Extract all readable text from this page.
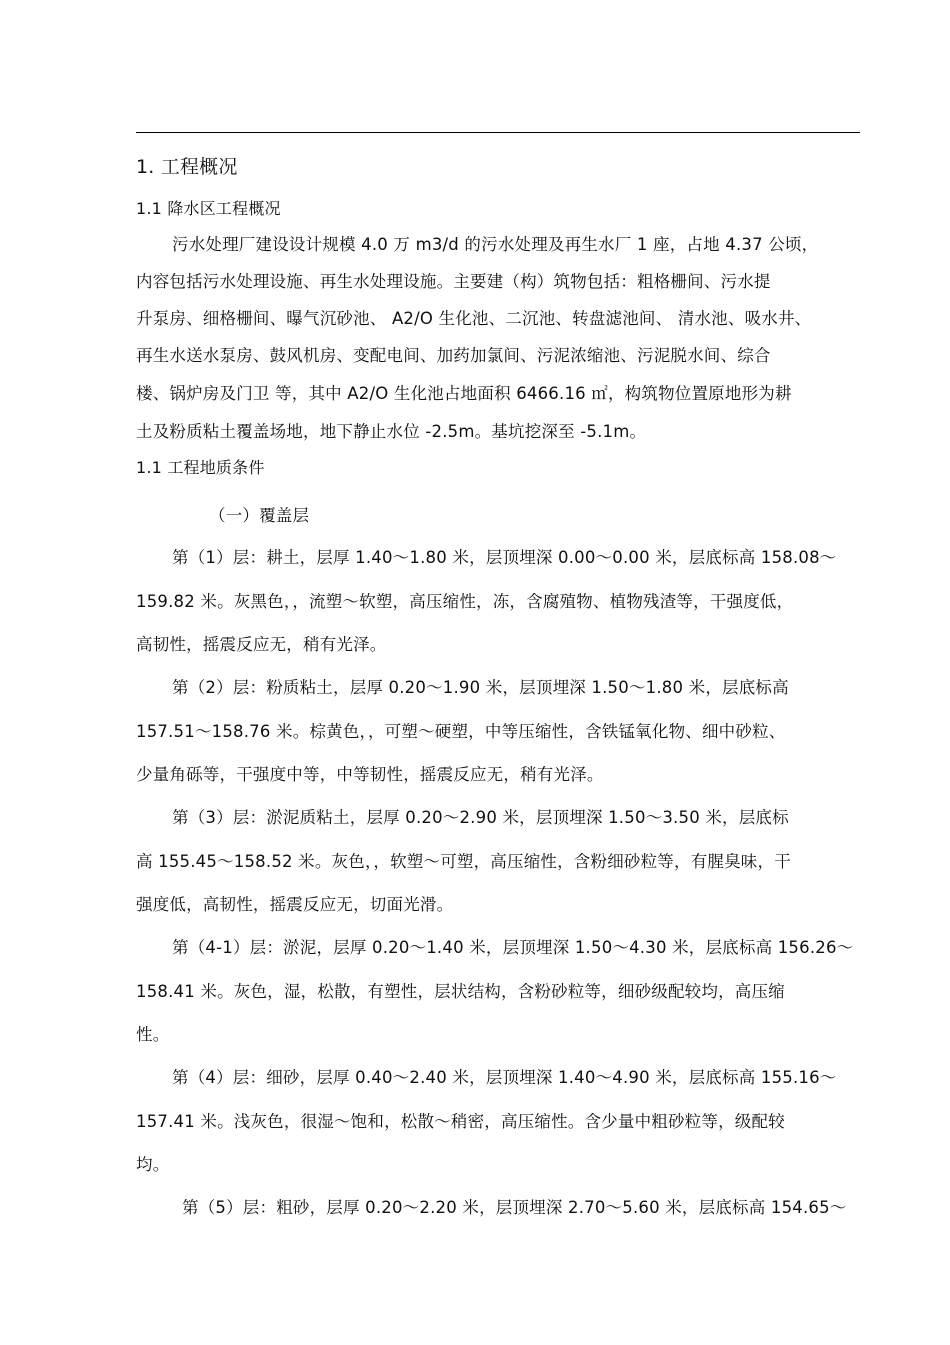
1. 工程概况
1.1 降水区工程概况
污水处理厂建设设计规模 4.0 万 m3/d 的污水处理及再生水厂 1 座，占地 4.37 公顷，
内容包括污水处理设施、再生水处理设施。主要建（构）筑物包括：粗格栅间、污水提
升泵房、细格栅间、曝气沉砂池、 A2/O 生化池、二沉池、转盘滤池间、 清水池、吸水井、
再生水送水泵房、鼓风机房、变配电间、加药加氯间、污泥浓缩池、污泥脱水间、综合
楼、锅炉房及门卫 等，其中 A2/O 生化池占地面积 6466.16 ㎡，构筑物位置原地形为耕
土及粉质粘土覆盖场地，地下静止水位 -2.5m。基坑挖深至 -5.1m。
1.1 工程地质条件
（一）覆盖层
第（1）层：耕土，层厚 1.40～1.80 米，层顶埋深 0.00～0.00 米，层底标高 158.08～
159.82 米。灰黑色，，流塑～软塑，高压缩性，冻，含腐殖物、植物残渣等，干强度低，
高韧性，摇震反应无，稍有光泽。
第（2）层：粉质粘土，层厚 0.20～1.90 米，层顶埋深 1.50～1.80 米，层底标高
157.51～158.76 米。棕黄色，，可塑～硬塑，中等压缩性，含铁锰氧化物、细中砂粒、
少量角砾等，干强度中等，中等韧性，摇震反应无，稍有光泽。
第（3）层：淤泥质粘土，层厚 0.20～2.90 米，层顶埋深 1.50～3.50 米，层底标
高 155.45～158.52 米。灰色，，软塑～可塑，高压缩性，含粉细砂粒等，有腥臭味，干
强度低，高韧性，摇震反应无，切面光滑。
第（4-1）层：淤泥，层厚 0.20～1.40 米，层顶埋深 1.50～4.30 米，层底标高 156.26～
158.41 米。灰色，湿，松散，有塑性，层状结构，含粉砂粒等，细砂级配较均，高压缩
性。
第（4）层：细砂，层厚 0.40～2.40 米，层顶埋深 1.40～4.90 米，层底标高 155.16～
157.41 米。浅灰色，很湿～饱和，松散～稍密，高压缩性。含少量中粗砂粒等，级配较
均。
第（5）层：粗砂，层厚 0.20～2.20 米，层顶埋深 2.70～5.60 米，层底标高 154.65～
